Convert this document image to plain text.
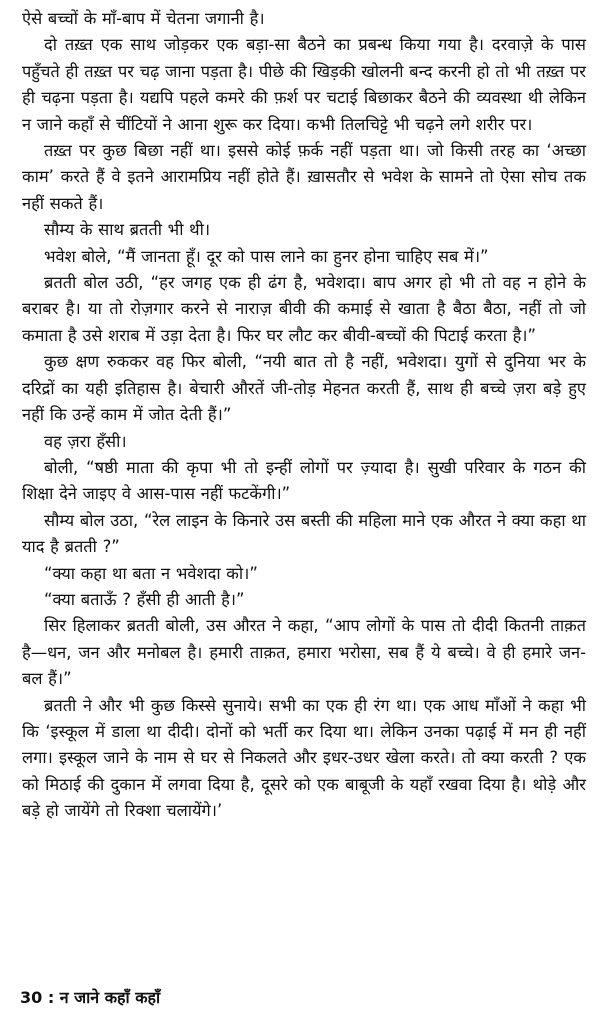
ऐसे बच्चों के माँ-बाप में चेतना जगानी है।

दो तख़्त एक साथ जोड़कर एक बड़ा-सा बैठने का प्रबन्ध किया गया है। दरवाज़े के पास पहुँचते ही तख़्त पर चढ़ जाना पड़ता है। पीछे की खिड़की खोलनी बन्द करनी हो तो भी तख़्त पर ही चढ़ना पड़ता है। यद्यपि पहले कमरे की फ़र्श पर चटाई बिछाकर बैठने की व्यवस्था थी लेकिन न जाने कहाँ से चींटियों ने आना शुरू कर दिया। कभी तिलचिट्टे भी चढ़ने लगे शरीर पर।

तख़्त पर कुछ बिछा नहीं था। इससे कोई फ़र्क नहीं पड़ता था। जो किसी तरह का ‘अच्छा काम’ करते हैं वे इतने आरामप्रिय नहीं होते हैं। ख़ासतौर से भवेश के सामने तो ऐसा सोच तक नहीं सकते हैं।

सौम्य के साथ ब्रतती भी थी।

भवेश बोले, “मैं जानता हूँ। दूर को पास लाने का हुनर होना चाहिए सब में।”

ब्रतती बोल उठी, “हर जगह एक ही ढंग है, भवेशदा। बाप अगर हो भी तो वह न होने के बराबर है। या तो रोज़गार करने से नाराज़ बीवी की कमाई से खाता है बैठा बैठा, नहीं तो जो कमाता है उसे शराब में उड़ा देता है। फिर घर लौट कर बीवी-बच्चों की पिटाई करता है।”

कुछ क्षण रुककर वह फिर बोली, “नयी बात तो है नहीं, भवेशदा। युगों से दुनिया भर के दरिद्रों का यही इतिहास है। बेचारी औरतें जी-तोड़ मेहनत करती हैं, साथ ही बच्चे ज़रा बड़े हुए नहीं कि उन्हें काम में जोत देती हैं।”

वह ज़रा हँसी।

बोली, “षष्ठी माता की कृपा भी तो इन्हीं लोगों पर ज़्यादा है। सुखी परिवार के गठन की शिक्षा देने जाइए वे आस-पास नहीं फटकेंगी।”

सौम्य बोल उठा, “रेल लाइन के किनारे उस बस्ती की महिला माने एक औरत ने क्या कहा था याद है ब्रतती ?”

“क्या कहा था बता न भवेशदा को।”

“क्या बताऊँ ? हँसी ही आती है।”

सिर हिलाकर ब्रतती बोली, उस औरत ने कहा, “आप लोगों के पास तो दीदी कितनी ताक़त है—धन, जन और मनोबल है। हमारी ताक़त, हमारा भरोसा, सब हैं ये बच्चे। वे ही हमारे जन-बल हैं।”

ब्रतती ने और भी कुछ किस्से सुनाये। सभी का एक ही रंग था। एक आध माँओं ने कहा भी कि ‘इस्कूल में डाला था दीदी। दोनों को भर्ती कर दिया था। लेकिन उनका पढ़ाई में मन ही नहीं लगा। इस्कूल जाने के नाम से घर से निकलते और इधर-उधर खेला करते। तो क्या करती ? एक को मिठाई की दुकान में लगवा दिया है, दूसरे को एक बाबूजी के यहाँ रखवा दिया है। थोड़े और बड़े हो जायेंगे तो रिक्शा चलायेंगे।’

30 : न जाने कहाँ कहाँ
